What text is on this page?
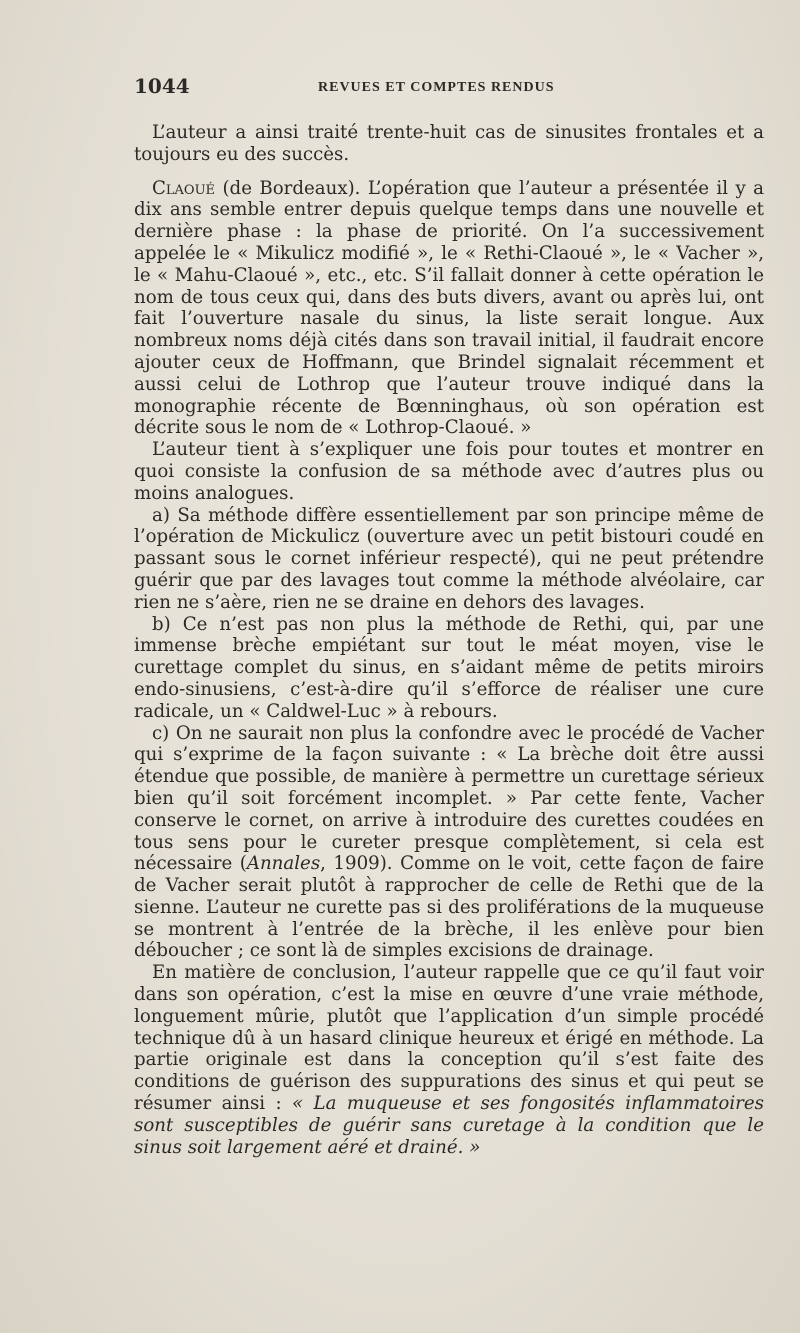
1044	REVUES ET COMPTES RENDUS

L’auteur a ainsi traité trente-huit cas de sinusites frontales et a toujours eu des succès.

Claoué (de Bordeaux). L’opération que l’auteur a présentée il y a dix ans semble entrer depuis quelque temps dans une nouvelle et dernière phase : la phase de priorité. On l’a successivement appelée le « Mikulicz modifié », le « Rethi-Claoué », le « Vacher », le « Mahu-Claoué », etc., etc. S’il fallait donner à cette opération le nom de tous ceux qui, dans des buts divers, avant ou après lui, ont fait l’ouverture nasale du sinus, la liste serait longue. Aux nombreux noms déjà cités dans son travail initial, il faudrait encore ajouter ceux de Hoffmann, que Brindel signalait récemment et aussi celui de Lothrop que l’auteur trouve indiqué dans la monographie récente de Bœnninghaus, où son opération est décrite sous le nom de « Lothrop-Claoué. »

L’auteur tient à s’expliquer une fois pour toutes et montrer en quoi consiste la confusion de sa méthode avec d’autres plus ou moins analogues.

a) Sa méthode diffère essentiellement par son principe même de l’opération de Mickulicz (ouverture avec un petit bistouri coudé en passant sous le cornet inférieur respecté), qui ne peut prétendre guérir que par des lavages tout comme la méthode alvéolaire, car rien ne s’aère, rien ne se draine en dehors des lavages.

b) Ce n’est pas non plus la méthode de Rethi, qui, par une immense brèche empiétant sur tout le méat moyen, vise le curettage complet du sinus, en s’aidant même de petits miroirs endo-sinusiens, c’est-à-dire qu’il s’efforce de réaliser une cure radicale, un « Caldwel-Luc » à rebours.

c) On ne saurait non plus la confondre avec le procédé de Vacher qui s’exprime de la façon suivante : « La brèche doit être aussi étendue que possible, de manière à permettre un curettage sérieux bien qu’il soit forcément incomplet. » Par cette fente, Vacher conserve le cornet, on arrive à introduire des curettes coudées en tous sens pour le cureter presque complètement, si cela est nécessaire (Annales, 1909). Comme on le voit, cette façon de faire de Vacher serait plutôt à rapprocher de celle de Rethi que de la sienne. L’auteur ne curette pas si des proliférations de la muqueuse se montrent à l’entrée de la brèche, il les enlève pour bien déboucher ; ce sont là de simples excisions de drainage.

En matière de conclusion, l’auteur rappelle que ce qu’il faut voir dans son opération, c’est la mise en œuvre d’une vraie méthode, longuement mûrie, plutôt que l’application d’un simple procédé technique dû à un hasard clinique heureux et érigé en méthode. La partie originale est dans la conception qu’il s’est faite des conditions de guérison des suppurations des sinus et qui peut se résumer ainsi : « La muqueuse et ses fongosités inflammatoires sont susceptibles de guérir sans curetage à la condition que le sinus soit largement aéré et drainé. »
